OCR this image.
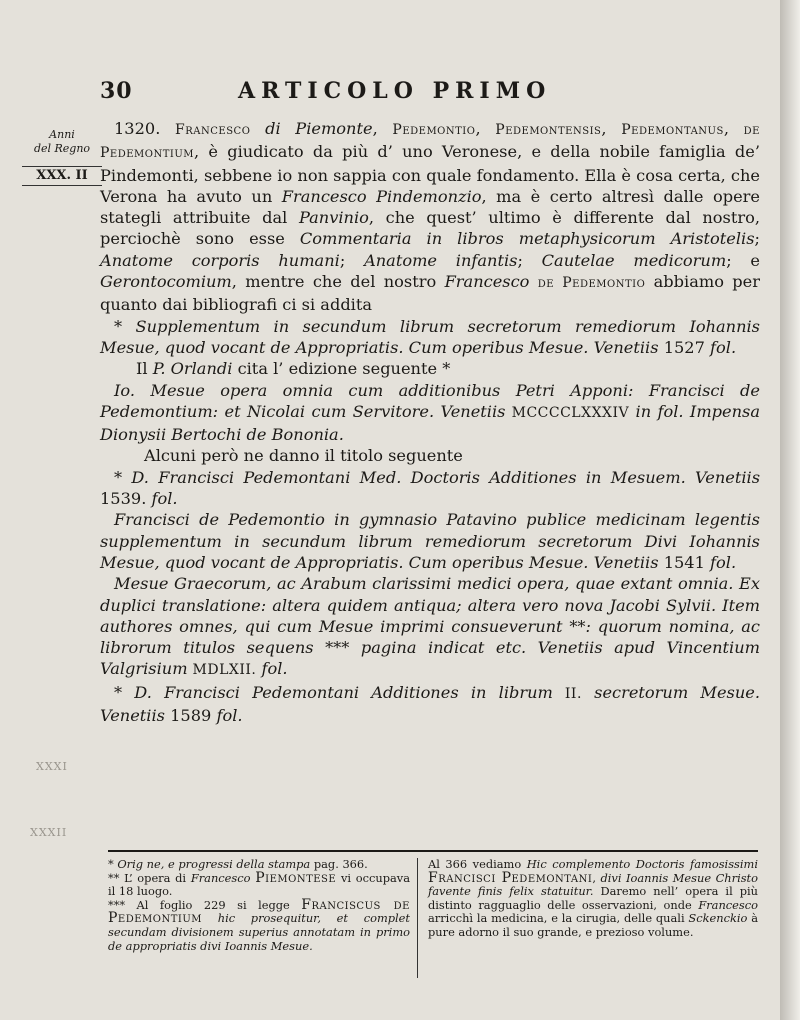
30	ARTICOLO PRIMO
Anni
del Regno
XXX. II
XXXI
XXXII

1320. Francesco di Piemonte, Pedemontio, Pedemontensis, Pedemontanus, de Pedemontium, è giudicato da più d’ uno Veronese, e della nobile famiglia de’ Pindemonti, sebbene io non sappia con quale fondamento. Ella è cosa certa, che Verona ha avuto un Francesco Pindemonzio, ma è certo altresì dalle opere stategli attribuite dal Panvinio, che quest’ ultimo è differente dal nostro, perciochè sono esse Commentaria in libros metaphysicorum Aristotelis; Anatome corporis humani; Anatome infantis; Cautelae medicorum; e Gerontocomium, mentre che del nostro Francesco de Pedemontio abbiamo per quanto dai bibliografi ci si addita

* Supplementum in secundum librum secretorum remediorum Iohannis Mesue, quod vocant de Appropriatis. Cum operibus Mesue. Venetiis 1527 fol.

Il P. Orlandi cita l’ edizione seguente *

Io. Mesue opera omnia cum additionibus Petri Apponi: Francisci de Pedemontium: et Nicolai cum Servitore. Venetiis MCCCCLXXXIV in fol. Impensa Dionysii Bertochi de Bononia.

Alcuni però ne danno il titolo seguente

* D. Francisci Pedemontani Med. Doctoris Additiones in Mesuem. Venetiis 1539. fol.

Francisci de Pedemontio in gymnasio Patavino publice medicinam legentis supplementum in secundum librum remediorum secretorum Divi Iohannis Mesue, quod vocant de Appropriatis. Cum operibus Mesue. Venetiis 1541 fol.

Mesue Graecorum, ac Arabum clarissimi medici opera, quae extant omnia. Ex duplici translatione: altera quidem antiqua; altera vero nova Jacobi Sylvii. Item authores omnes, qui cum Mesue imprimi consueverunt **: quorum nomina, ac librorum titulos sequens *** pagina indicat etc. Venetiis apud Vincentium Valgrisium MDLXII. fol.

* D. Francisci Pedemontani Additiones in librum II. secretorum Mesue. Venetiis 1589 fol.

* Orig ne, e progressi della stampa pag. 366.

** L’ opera di Francesco Piemontese vi occupava il 18 luogo.

*** Al foglio 229 si legge Franciscus de Pedemontium hic prosequitur, et complet secundam divisionem superius annotatam in primo de appropriatis divi Ioannis Mesue.

Al 366 vediamo Hic complemento Doctoris famosissimi Francisci Pedemontani, divi Ioannis Mesue Christo favente finis felix statuitur. Daremo nell’ opera il più distinto ragguaglio delle osservazioni, onde Francesco arricchì la medicina, e la cirugia, delle quali Sckenckio à pure adorno il suo grande, e prezioso volume.
